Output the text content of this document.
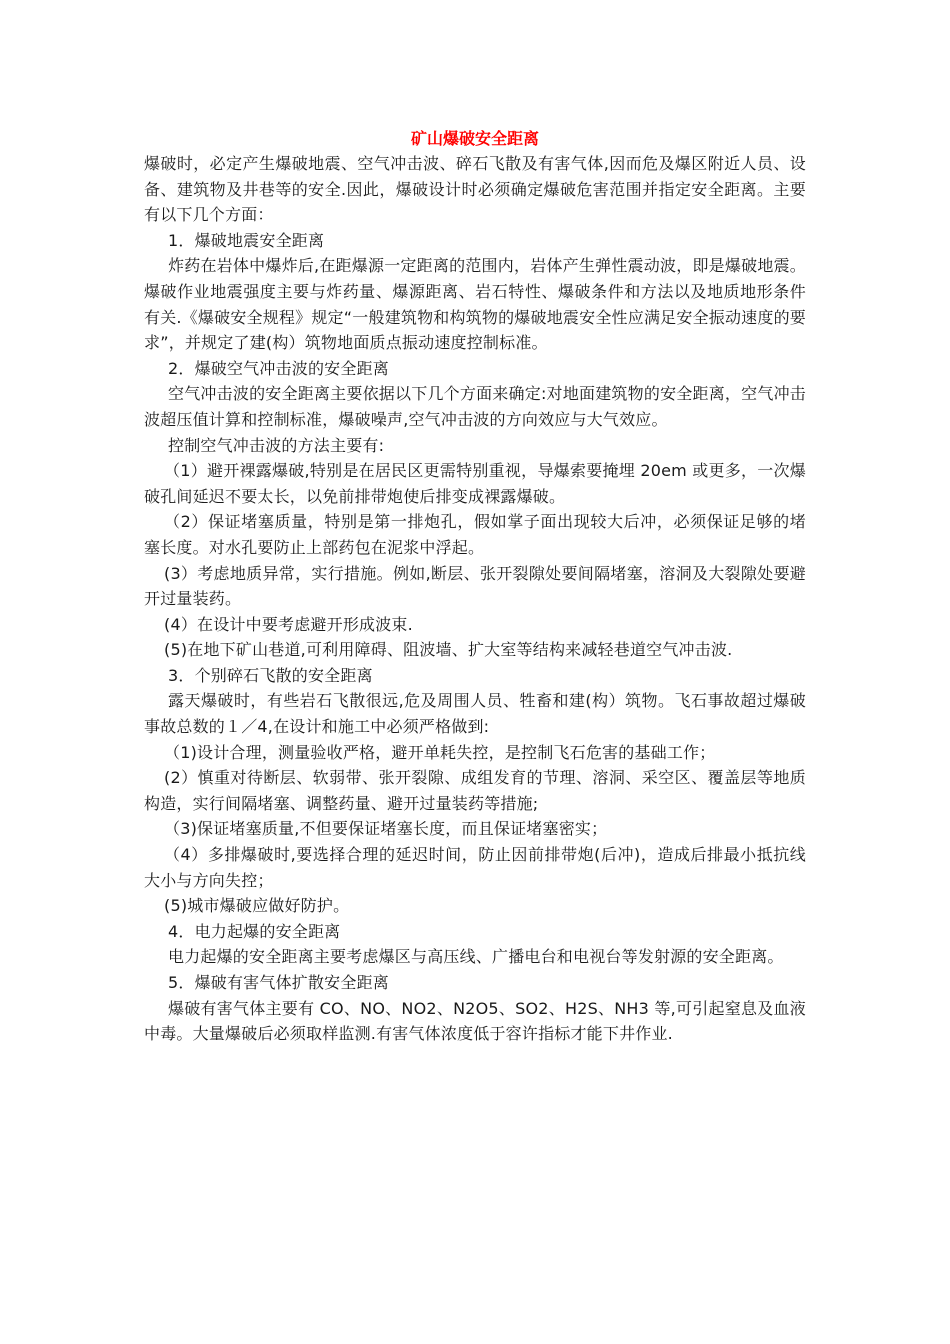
矿山爆破安全距离

爆破时，必定产生爆破地震、空气冲击波、碎石飞散及有害气体,因而危及爆区附近人员、设备、建筑物及井巷等的安全.因此，爆破设计时必须确定爆破危害范围并指定安全距离。主要有以下几个方面：

1．爆破地震安全距离

炸药在岩体中爆炸后,在距爆源一定距离的范围内，岩体产生弹性震动波，即是爆破地震。爆破作业地震强度主要与炸药量、爆源距离、岩石特性、爆破条件和方法以及地质地形条件有关.《爆破安全规程》规定“一般建筑物和构筑物的爆破地震安全性应满足安全振动速度的要求”，并规定了建(构）筑物地面质点振动速度控制标准。

2．爆破空气冲击波的安全距离

空气冲击波的安全距离主要依据以下几个方面来确定:对地面建筑物的安全距离，空气冲击波超压值计算和控制标准，爆破噪声,空气冲击波的方向效应与大气效应。

控制空气冲击波的方法主要有:

（1）避开裸露爆破,特别是在居民区更需特别重视，导爆索要掩埋 20em 或更多，一次爆破孔间延迟不要太长，以免前排带炮使后排变成裸露爆破。

（2）保证堵塞质量，特别是第一排炮孔，假如掌子面出现较大后冲，必须保证足够的堵塞长度。对水孔要防止上部药包在泥浆中浮起。

(3）考虑地质异常，实行措施。例如,断层、张开裂隙处要间隔堵塞，溶洞及大裂隙处要避开过量装药。

(4）在设计中要考虑避开形成波束.

(5)在地下矿山巷道,可利用障碍、阻波墙、扩大室等结构来减轻巷道空气冲击波.

3．个别碎石飞散的安全距离

露天爆破时，有些岩石飞散很远,危及周围人员、牲畜和建(构）筑物。飞石事故超过爆破事故总数的１／4,在设计和施工中必须严格做到:

（1)设计合理，测量验收严格，避开单耗失控，是控制飞石危害的基础工作；

(2）慎重对待断层、软弱带、张开裂隙、成组发育的节理、溶洞、采空区、覆盖层等地质构造，实行间隔堵塞、调整药量、避开过量装药等措施;

（3)保证堵塞质量,不但要保证堵塞长度，而且保证堵塞密实；

（4）多排爆破时,要选择合理的延迟时间，防止因前排带炮(后冲)，造成后排最小抵抗线大小与方向失控；

(5)城市爆破应做好防护。

4．电力起爆的安全距离

电力起爆的安全距离主要考虑爆区与高压线、广播电台和电视台等发射源的安全距离。

5．爆破有害气体扩散安全距离

爆破有害气体主要有 CO、NO、NO2、N2O5、SO2、H2S、NH3 等,可引起窒息及血液中毒。大量爆破后必须取样监测.有害气体浓度低于容许指标才能下井作业.
